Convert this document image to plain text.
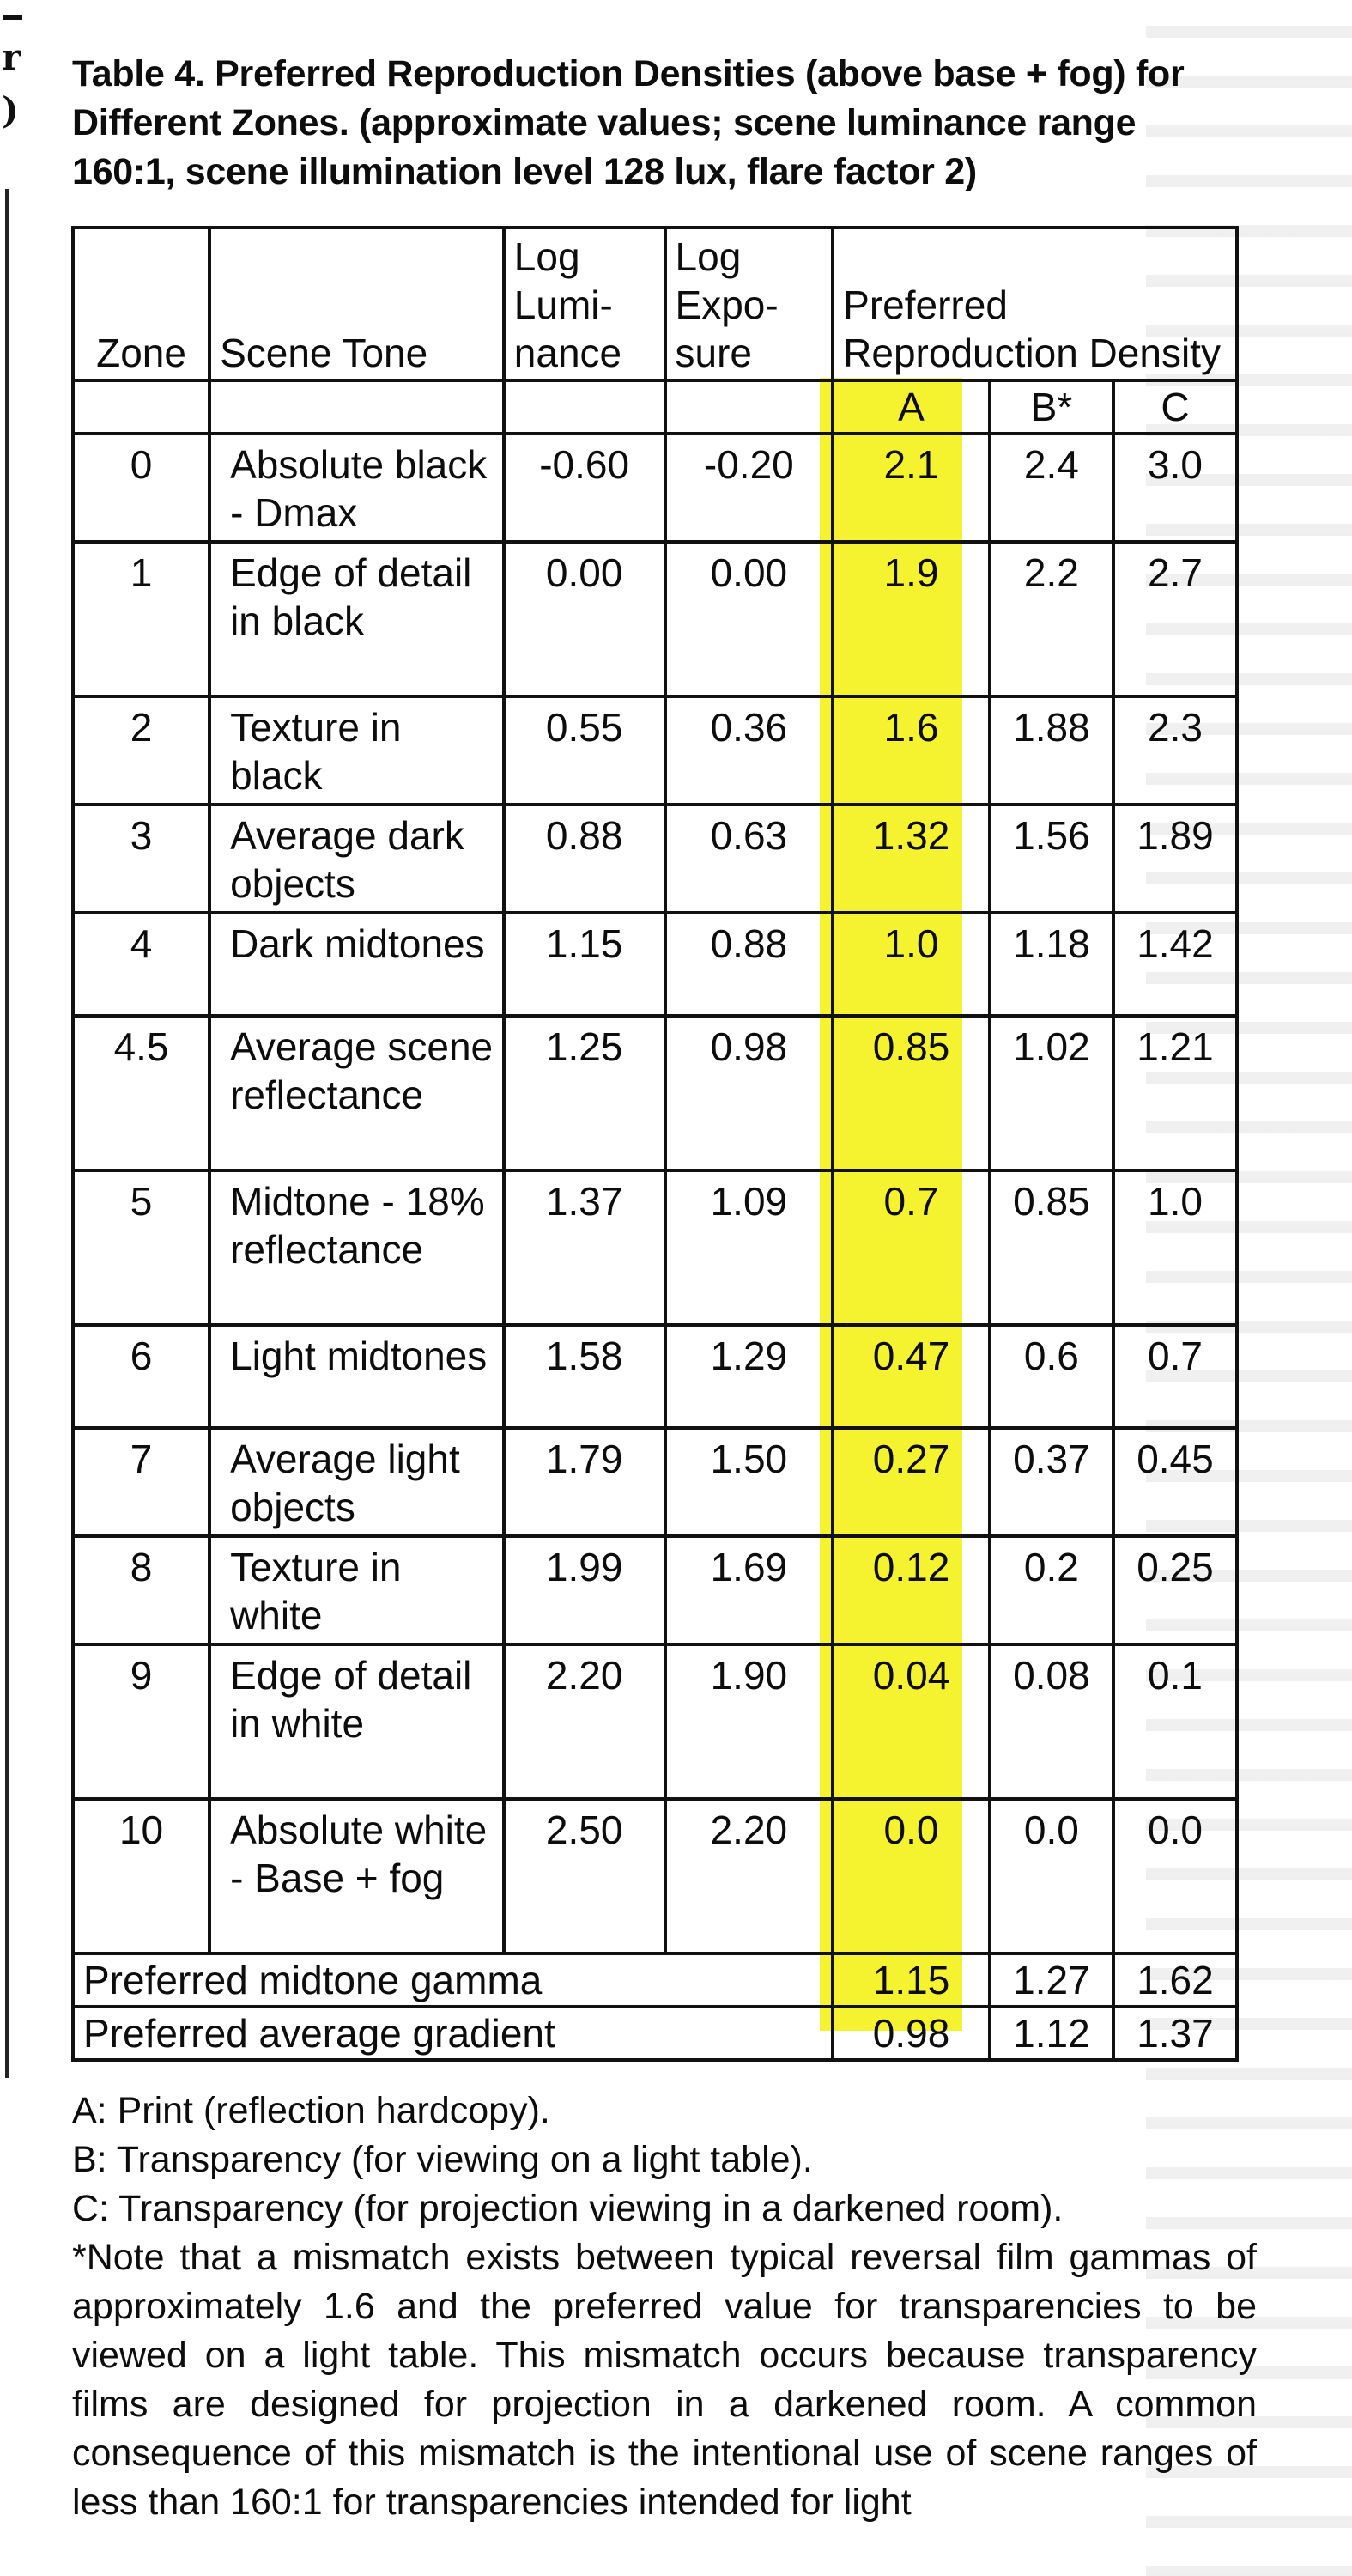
r
)
Table 4. Preferred Reproduction Densities (above base + fog) for Different Zones. (approximate values; scene luminance range 160:1, scene illumination level 128 lux, flare factor 2)
Zone	Scene Tone	Log Lumi- nance	Log Expo- sure	Preferred Reproduction Density		
				A	B*	C
0	Absolute black - Dmax	-0.60	-0.20	2.1	2.4	3.0
1	Edge of detail in black	0.00	0.00	1.9	2.2	2.7
2	Texture in black	0.55	0.36	1.6	1.88	2.3
3	Average dark objects	0.88	0.63	1.32	1.56	1.89
4	Dark midtones	1.15	0.88	1.0	1.18	1.42
4.5	Average scene reflectance	1.25	0.98	0.85	1.02	1.21
5	Midtone - 18% reflectance	1.37	1.09	0.7	0.85	1.0
6	Light midtones	1.58	1.29	0.47	0.6	0.7
7	Average light objects	1.79	1.50	0.27	0.37	0.45
8	Texture in white	1.99	1.69	0.12	0.2	0.25
9	Edge of detail in white	2.20	1.90	0.04	0.08	0.1
10	Absolute white - Base + fog	2.50	2.20	0.0	0.0	0.0
Preferred midtone gamma				1.15	1.27	1.62
Preferred average gradient				0.98	1.12	1.37

A: Print (reflection hardcopy).

B: Transparency (for viewing on a light table).

C: Transparency (for projection viewing in a darkened room).

*Note that a mismatch exists between typical reversal film gammas of approximately 1.6 and the preferred value for transparencies to be viewed on a light table. This mismatch occurs because transparency films are designed for projection in a darkened room. A common consequence of this mismatch is the intentional use of scene ranges of less than 160:1 for transparencies intended for light
